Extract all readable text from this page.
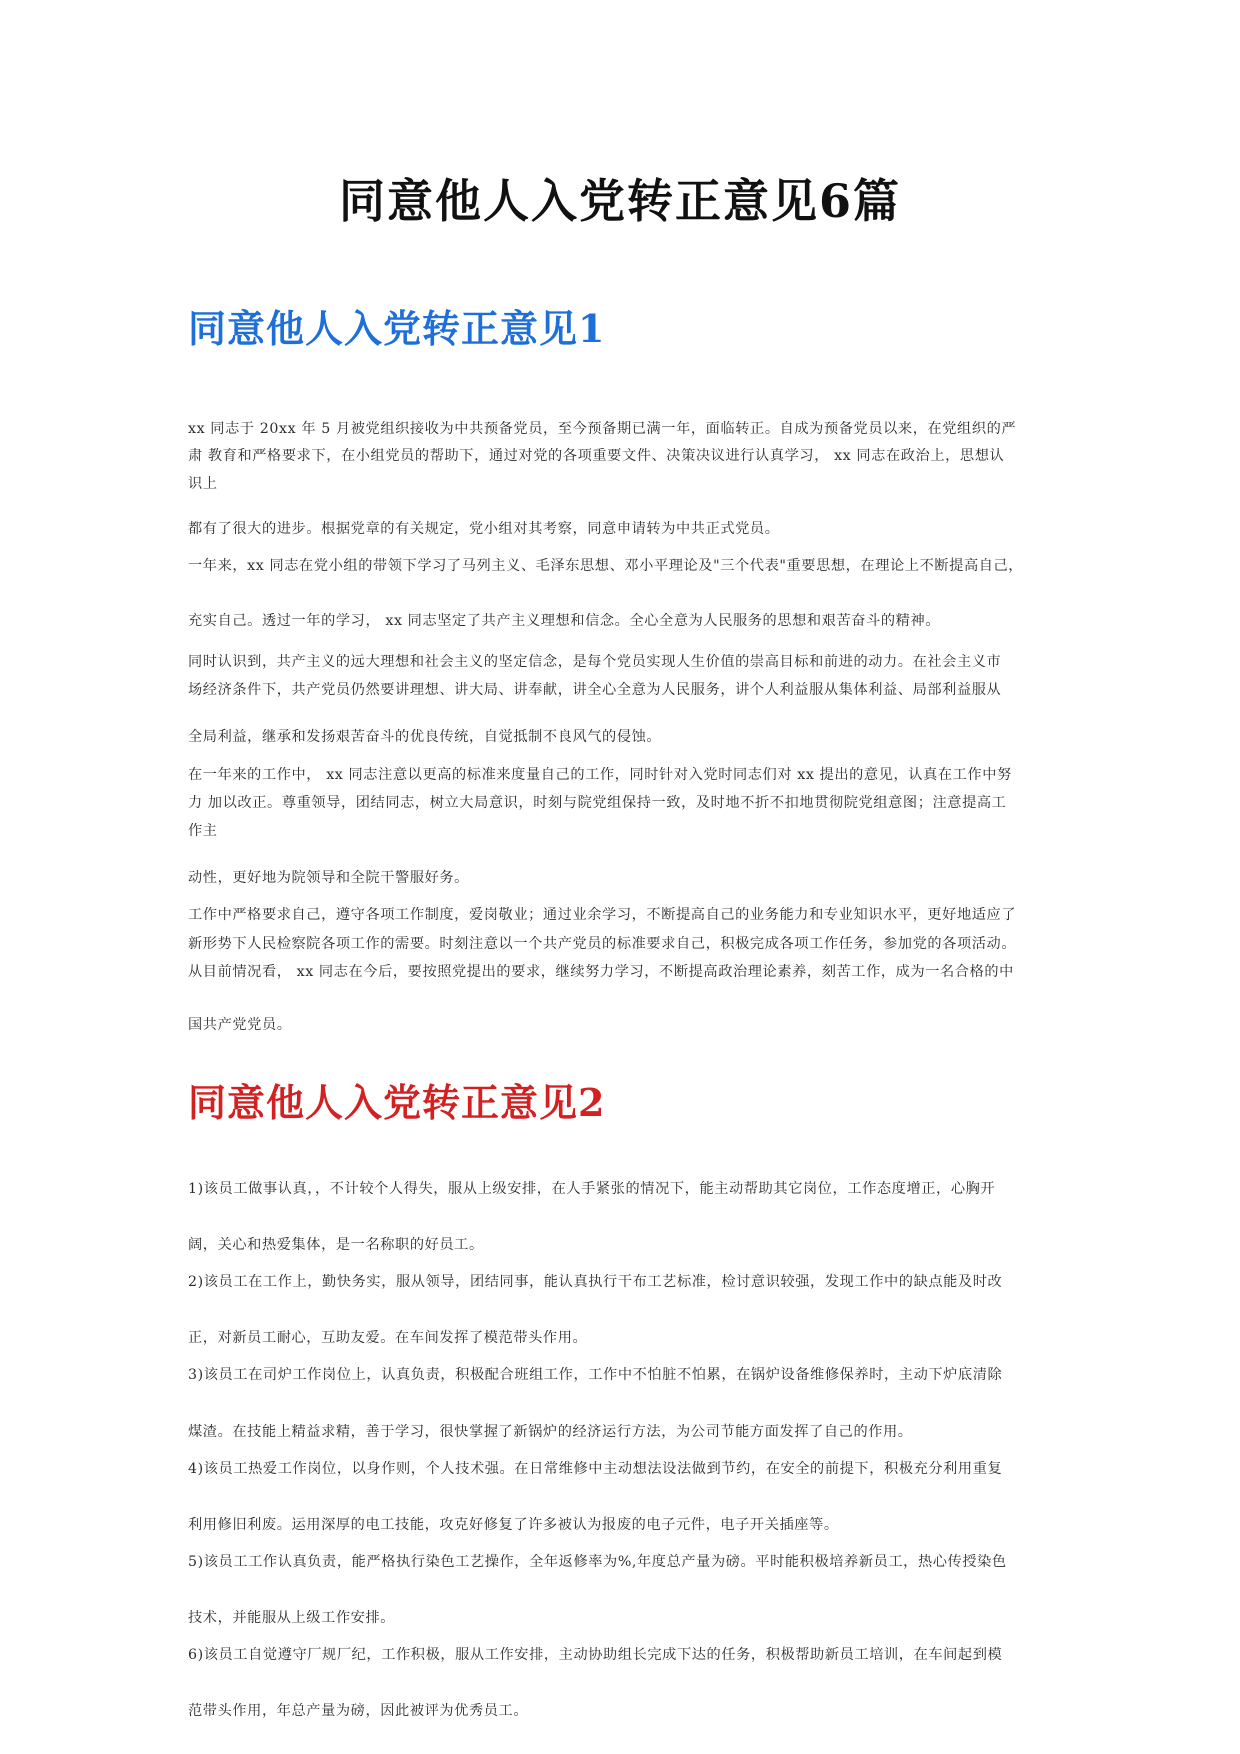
同意他人入党转正意见6篇
同意他人入党转正意见1

xx 同志于 20xx 年 5 月被党组织接收为中共预备党员，至今预备期已满一年，面临转正。自成为预备党员以来，在党组织的严

肃 教育和严格要求下，在小组党员的帮助下，通过对党的各项重要文件、决策决议进行认真学习， xx 同志在政治上，思想认

识上

都有了很大的进步。根据党章的有关规定，党小组对其考察，同意申请转为中共正式党员。

一年来，xx 同志在党小组的带领下学习了马列主义、毛泽东思想、邓小平理论及"三个代表"重要思想，在理论上不断提高自己，

充实自己。透过一年的学习， xx 同志坚定了共产主义理想和信念。全心全意为人民服务的思想和艰苦奋斗的精神。

同时认识到，共产主义的远大理想和社会主义的坚定信念，是每个党员实现人生价值的崇高目标和前进的动力。在社会主义市

场经济条件下，共产党员仍然要讲理想、讲大局、讲奉献，讲全心全意为人民服务，讲个人利益服从集体利益、局部利益服从

全局利益，继承和发扬艰苦奋斗的优良传统，自觉抵制不良风气的侵蚀。

在一年来的工作中， xx 同志注意以更高的标准来度量自己的工作，同时针对入党时同志们对 xx 提出的意见，认真在工作中努

力 加以改正。尊重领导，团结同志，树立大局意识，时刻与院党组保持一致，及时地不折不扣地贯彻院党组意图；注意提高工

作主

动性，更好地为院领导和全院干警服好务。

工作中严格要求自己，遵守各项工作制度，爱岗敬业；通过业余学习，不断提高自己的业务能力和专业知识水平，更好地适应了

新形势下人民检察院各项工作的需要。时刻注意以一个共产党员的标准要求自己，积极完成各项工作任务，参加党的各项活动。

从目前情况看， xx 同志在今后，要按照党提出的要求，继续努力学习，不断提高政治理论素养，刻苦工作，成为一名合格的中

国共产党党员。

同意他人入党转正意见2

1)该员工做事认真，，不计较个人得失，服从上级安排，在人手紧张的情况下，能主动帮助其它岗位，工作态度增正，心胸开

阔，关心和热爱集体，是一名称职的好员工。

2)该员工在工作上，勤快务实，服从领导，团结同事，能认真执行干布工艺标准，检讨意识较强，发现工作中的缺点能及时改

正，对新员工耐心，互助友爱。在车间发挥了模范带头作用。

3)该员工在司炉工作岗位上，认真负责，积极配合班组工作，工作中不怕脏不怕累，在锅炉设备维修保养时，主动下炉底清除

煤渣。在技能上精益求精，善于学习，很快掌握了新锅炉的经济运行方法，为公司节能方面发挥了自己的作用。

4)该员工热爱工作岗位，以身作则，个人技术强。在日常维修中主动想法设法做到节约，在安全的前提下，积极充分利用重复

利用修旧利废。运用深厚的电工技能，攻克好修复了许多被认为报废的电子元件，电子开关插座等。

5)该员工工作认真负责，能严格执行染色工艺操作，全年返修率为%,年度总产量为磅。平时能积极培养新员工，热心传授染色

技术，并能服从上级工作安排。

6)该员工自觉遵守厂规厂纪，工作积极，服从工作安排，主动协助组长完成下达的任务，积极帮助新员工培训，在车间起到模

范带头作用，年总产量为磅，因此被评为优秀员工。
